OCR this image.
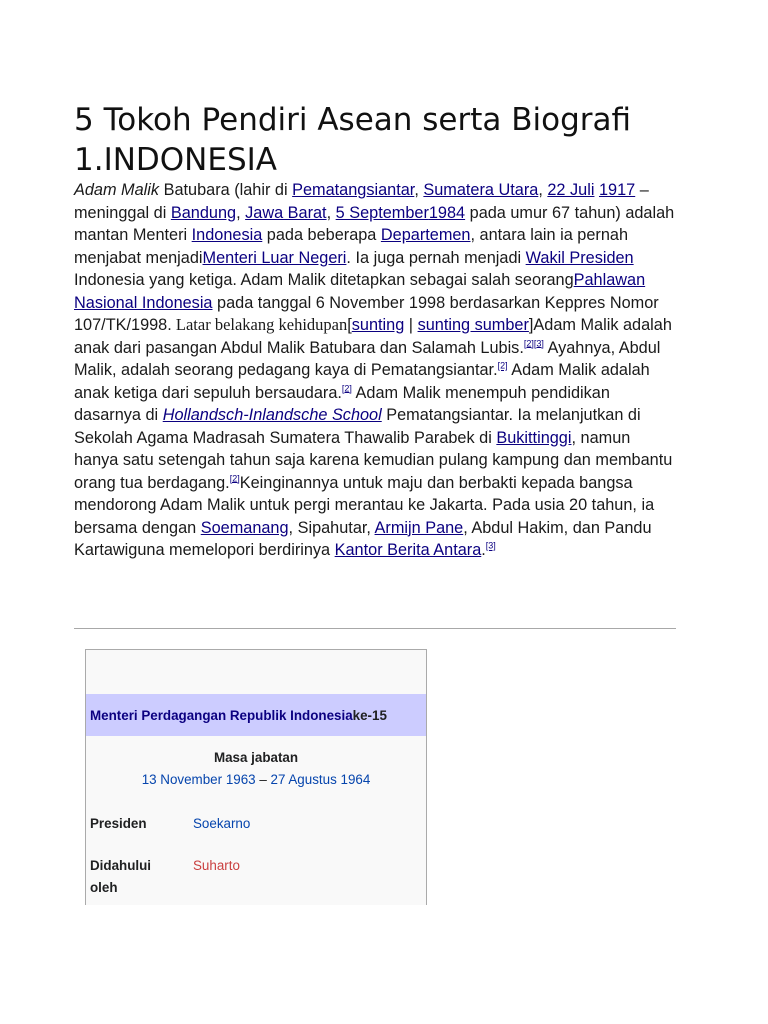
5 Tokoh Pendiri Asean serta Biografi
1.INDONESIA
Adam Malik Batubara (lahir di Pematangsiantar, Sumatera Utara, 22 Juli 1917 – meninggal di Bandung, Jawa Barat, 5 September1984 pada umur 67 tahun) adalah mantan Menteri Indonesia pada beberapa Departemen, antara lain ia pernah menjabat menjadiMenteri Luar Negeri. Ia juga pernah menjadi Wakil Presiden Indonesia yang ketiga. Adam Malik ditetapkan sebagai salah seorangPahlawan Nasional Indonesia pada tanggal 6 November 1998 berdasarkan Keppres Nomor 107/TK/1998. Latar belakang kehidupan[sunting | sunting sumber]Adam Malik adalah anak dari pasangan Abdul Malik Batubara dan Salamah Lubis.[2][3] Ayahnya, Abdul Malik, adalah seorang pedagang kaya di Pematangsiantar.[2] Adam Malik adalah anak ketiga dari sepuluh bersaudara.[2] Adam Malik menempuh pendidikan dasarnya di Hollandsch-Inlandsche School Pematangsiantar. Ia melanjutkan di Sekolah Agama Madrasah Sumatera Thawalib Parabek di Bukittinggi, namun hanya satu setengah tahun saja karena kemudian pulang kampung dan membantu orang tua berdagang.[2]Keinginannya untuk maju dan berbakti kepada bangsa mendorong Adam Malik untuk pergi merantau ke Jakarta. Pada usia 20 tahun, ia bersama dengan Soemanang, Sipahutar, Armijn Pane, Abdul Hakim, dan Pandu Kartawiguna memelopori berdirinya Kantor Berita Antara.[3]
Menteri Perdagangan Republik Indonesia ke-15
Masa jabatan
13 November 1963 – 27 Agustus 1964
Presiden	Soekarno
Didahului
oleh
Suharto
